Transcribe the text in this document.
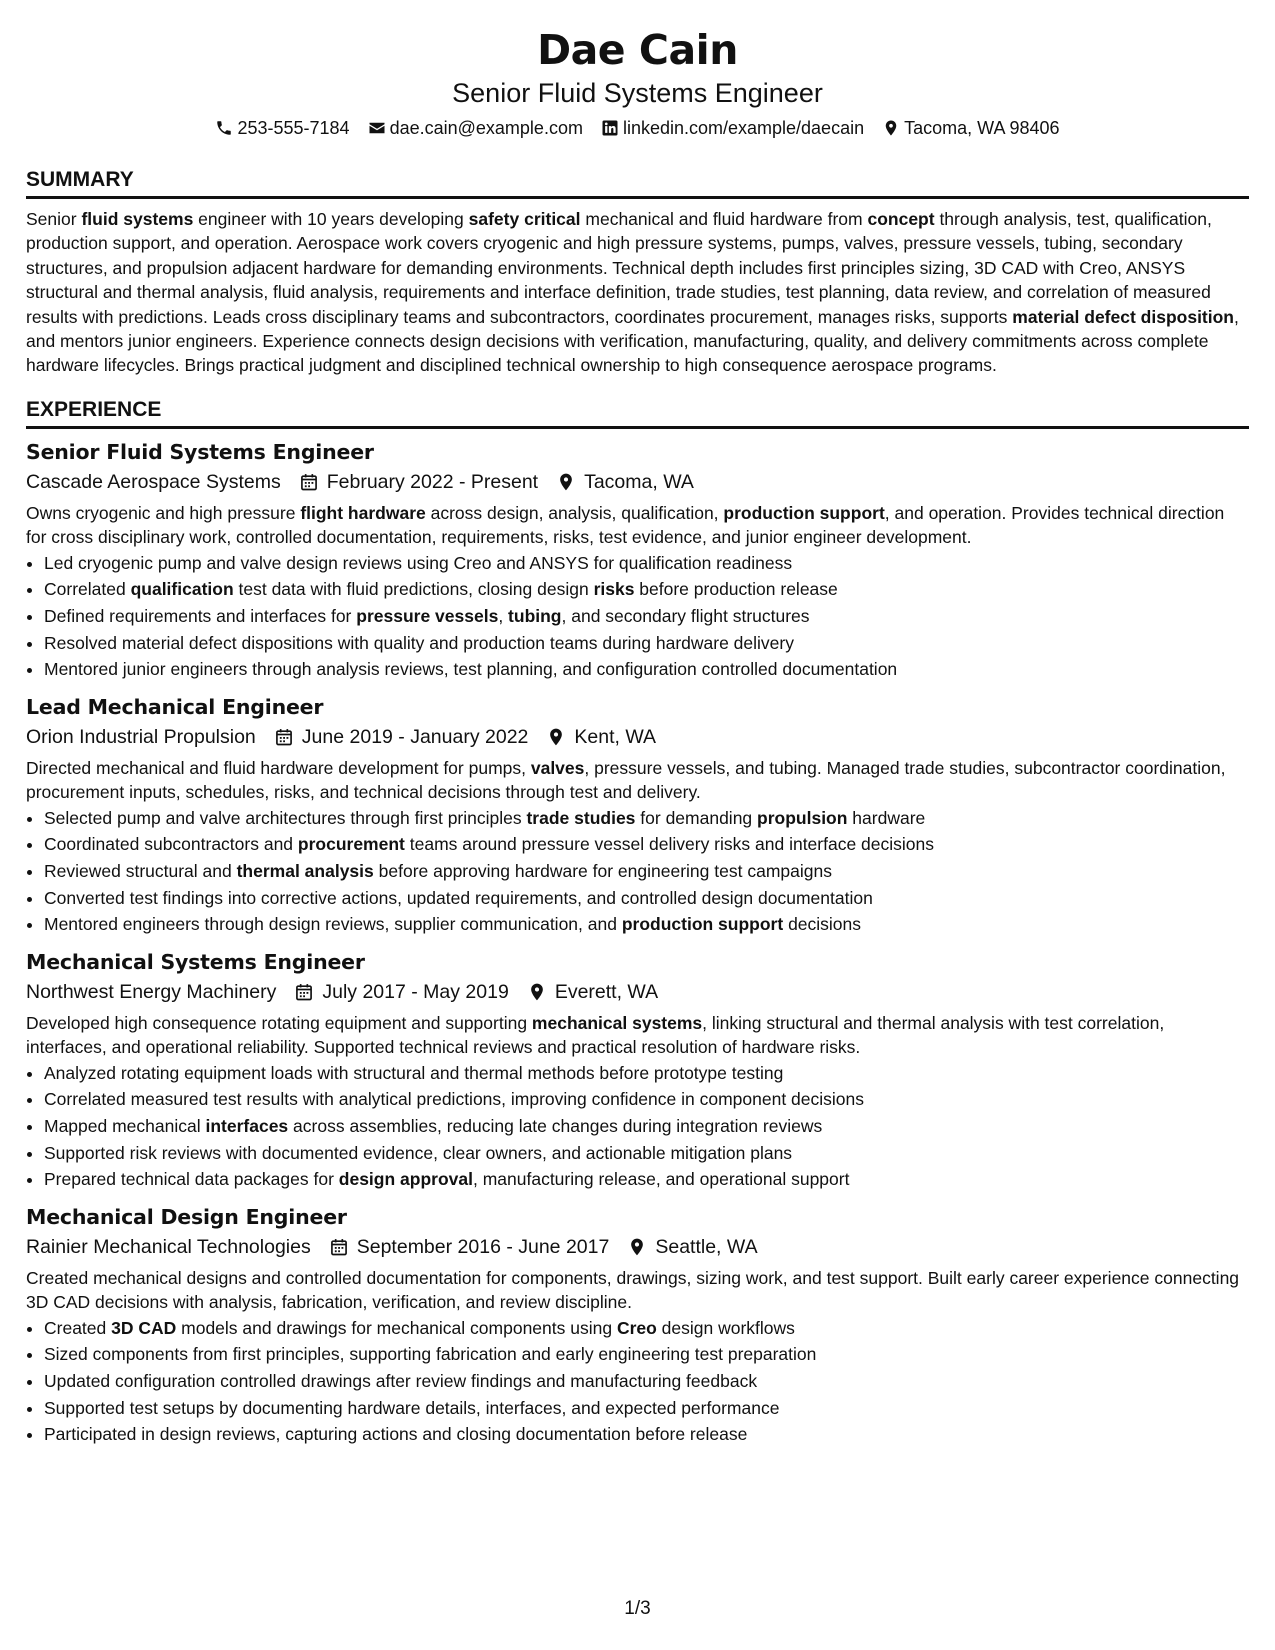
Dae Cain
Senior Fluid Systems Engineer
253-555-7184 dae.cain@example.com linkedin.com/example/daecain Tacoma, WA 98406
SUMMARY

Senior fluid systems engineer with 10 years developing safety critical mechanical and fluid hardware from concept through analysis, test, qualification, production support, and operation. Aerospace work covers cryogenic and high pressure systems, pumps, valves, pressure vessels, tubing, secondary structures, and propulsion adjacent hardware for demanding environments. Technical depth includes first principles sizing, 3D CAD with Creo, ANSYS structural and thermal analysis, fluid analysis, requirements and interface definition, trade studies, test planning, data review, and correlation of measured results with predictions. Leads cross disciplinary teams and subcontractors, coordinates procurement, manages risks, supports material defect disposition, and mentors junior engineers. Experience connects design decisions with verification, manufacturing, quality, and delivery commitments across complete hardware lifecycles. Brings practical judgment and disciplined technical ownership to high consequence aerospace programs.

EXPERIENCE
Senior Fluid Systems Engineer
Cascade Aerospace Systems February 2022 - Present Tacoma, WA

Owns cryogenic and high pressure flight hardware across design, analysis, qualification, production support, and operation. Provides technical direction for cross disciplinary work, controlled documentation, requirements, risks, test evidence, and junior engineer development.

• Led cryogenic pump and valve design reviews using Creo and ANSYS for qualification readiness
• Correlated qualification test data with fluid predictions, closing design risks before production release
• Defined requirements and interfaces for pressure vessels, tubing, and secondary flight structures
• Resolved material defect dispositions with quality and production teams during hardware delivery
• Mentored junior engineers through analysis reviews, test planning, and configuration controlled documentation
Lead Mechanical Engineer
Orion Industrial Propulsion June 2019 - January 2022 Kent, WA

Directed mechanical and fluid hardware development for pumps, valves, pressure vessels, and tubing. Managed trade studies, subcontractor coordination, procurement inputs, schedules, risks, and technical decisions through test and delivery.

• Selected pump and valve architectures through first principles trade studies for demanding propulsion hardware
• Coordinated subcontractors and procurement teams around pressure vessel delivery risks and interface decisions
• Reviewed structural and thermal analysis before approving hardware for engineering test campaigns
• Converted test findings into corrective actions, updated requirements, and controlled design documentation
• Mentored engineers through design reviews, supplier communication, and production support decisions
Mechanical Systems Engineer
Northwest Energy Machinery July 2017 - May 2019 Everett, WA

Developed high consequence rotating equipment and supporting mechanical systems, linking structural and thermal analysis with test correlation, interfaces, and operational reliability. Supported technical reviews and practical resolution of hardware risks.

• Analyzed rotating equipment loads with structural and thermal methods before prototype testing
• Correlated measured test results with analytical predictions, improving confidence in component decisions
• Mapped mechanical interfaces across assemblies, reducing late changes during integration reviews
• Supported risk reviews with documented evidence, clear owners, and actionable mitigation plans
• Prepared technical data packages for design approval, manufacturing release, and operational support
Mechanical Design Engineer
Rainier Mechanical Technologies September 2016 - June 2017 Seattle, WA

Created mechanical designs and controlled documentation for components, drawings, sizing work, and test support. Built early career experience connecting 3D CAD decisions with analysis, fabrication, verification, and review discipline.

• Created 3D CAD models and drawings for mechanical components using Creo design workflows
• Sized components from first principles, supporting fabrication and early engineering test preparation
• Updated configuration controlled drawings after review findings and manufacturing feedback
• Supported test setups by documenting hardware details, interfaces, and expected performance
• Participated in design reviews, capturing actions and closing documentation before release
1/3
